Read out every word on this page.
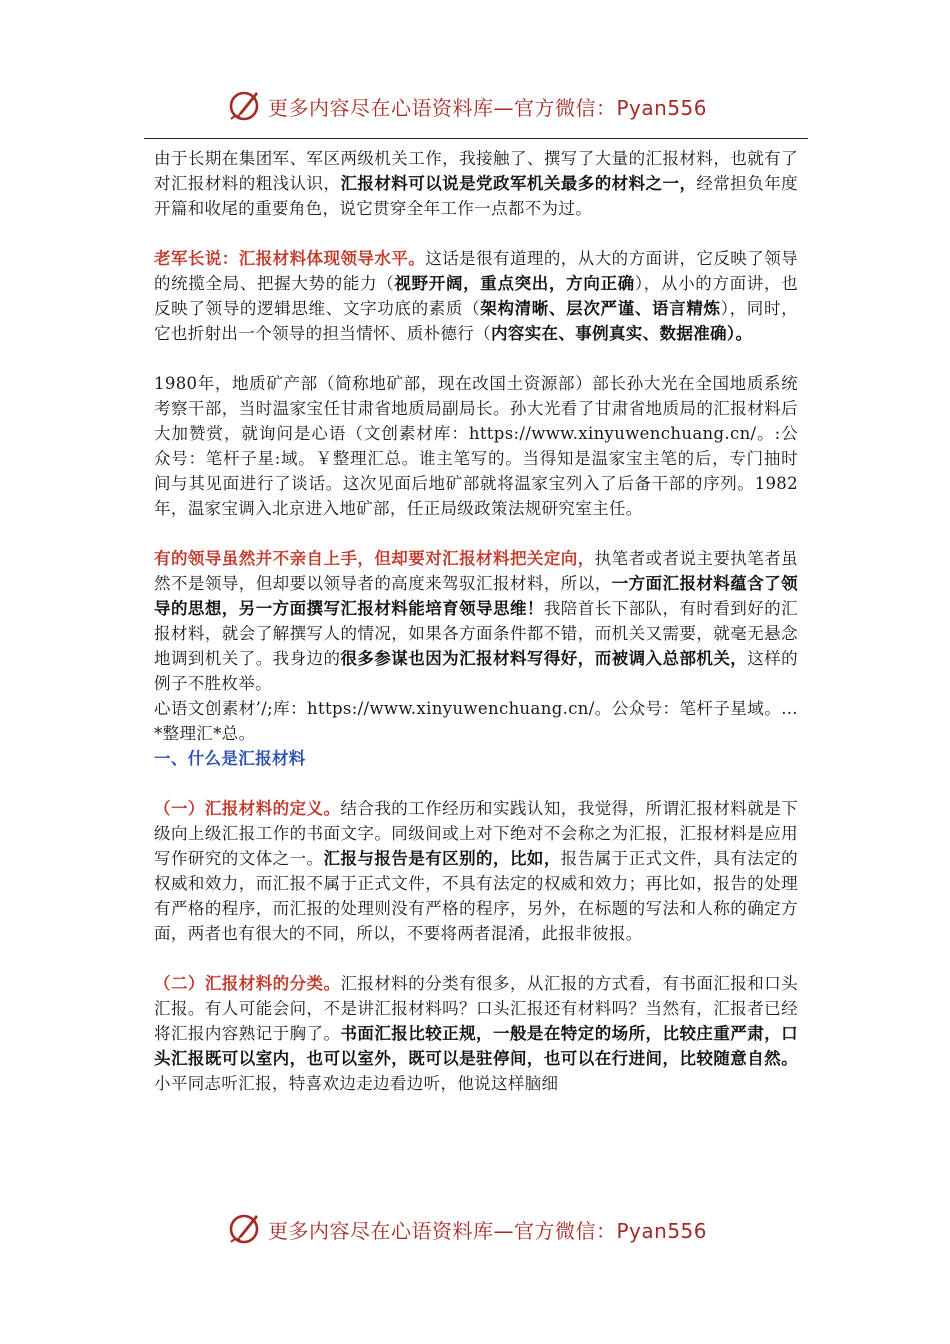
更多内容尽在心语资料库—官方微信：Pyan556

由于长期在集团军、军区两级机关工作，我接触了、撰写了大量的汇报材料，也就有了对汇报材料的粗浅认识，汇报材料可以说是党政军机关最多的材料之一，经常担负年度开篇和收尾的重要角色，说它贯穿全年工作一点都不为过。

老军长说：汇报材料体现领导水平。这话是很有道理的，从大的方面讲，它反映了领导的统揽全局、把握大势的能力（视野开阔，重点突出，方向正确），从小的方面讲，也反映了领导的逻辑思维、文字功底的素质（架构清晰、层次严谨、语言精炼），同时，它也折射出一个领导的担当情怀、质朴德行（内容实在、事例真实、数据准确）。

1980年，地质矿产部（简称地矿部，现在改国土资源部）部长孙大光在全国地质系统考察干部，当时温家宝任甘肃省地质局副局长。孙大光看了甘肃省地质局的汇报材料后大加赞赏，就询问是心语（文创素材库：https://www.xinyuwenchuang.cn/。:公众号：笔杆子星:域。￥整理汇总。谁主笔写的。当得知是温家宝主笔的后，专门抽时间与其见面进行了谈话。这次见面后地矿部就将温家宝列入了后备干部的序列。1982年，温家宝调入北京进入地矿部，任正局级政策法规研究室主任。

有的领导虽然并不亲自上手，但却要对汇报材料把关定向，执笔者或者说主要执笔者虽然不是领导，但却要以领导者的高度来驾驭汇报材料，所以，一方面汇报材料蕴含了领导的思想，另一方面撰写汇报材料能培育领导思维！我陪首长下部队，有时看到好的汇报材料，就会了解撰写人的情况，如果各方面条件都不错，而机关又需要，就毫无悬念地调到机关了。我身边的很多参谋也因为汇报材料写得好，而被调入总部机关，这样的例子不胜枚举。

心语文创素材’/;库：https://www.xinyuwenchuang.cn/。公众号：笔杆子星域。…*整理汇*总。

一、什么是汇报材料

（一）汇报材料的定义。结合我的工作经历和实践认知，我觉得，所谓汇报材料就是下级向上级汇报工作的书面文字。同级间或上对下绝对不会称之为汇报，汇报材料是应用写作研究的文体之一。汇报与报告是有区别的，比如，报告属于正式文件，具有法定的权威和效力，而汇报不属于正式文件，不具有法定的权威和效力；再比如，报告的处理有严格的程序，而汇报的处理则没有严格的程序，另外，在标题的写法和人称的确定方面，两者也有很大的不同，所以，不要将两者混淆，此报非彼报。

（二）汇报材料的分类。汇报材料的分类有很多，从汇报的方式看，有书面汇报和口头汇报。有人可能会问，不是讲汇报材料吗？口头汇报还有材料吗？当然有，汇报者已经将汇报内容熟记于胸了。书面汇报比较正规，一般是在特定的场所，比较庄重严肃，口头汇报既可以室内，也可以室外，既可以是驻停间，也可以在行进间，比较随意自然。小平同志听汇报，特喜欢边走边看边听，他说这样脑细

更多内容尽在心语资料库—官方微信：Pyan556
